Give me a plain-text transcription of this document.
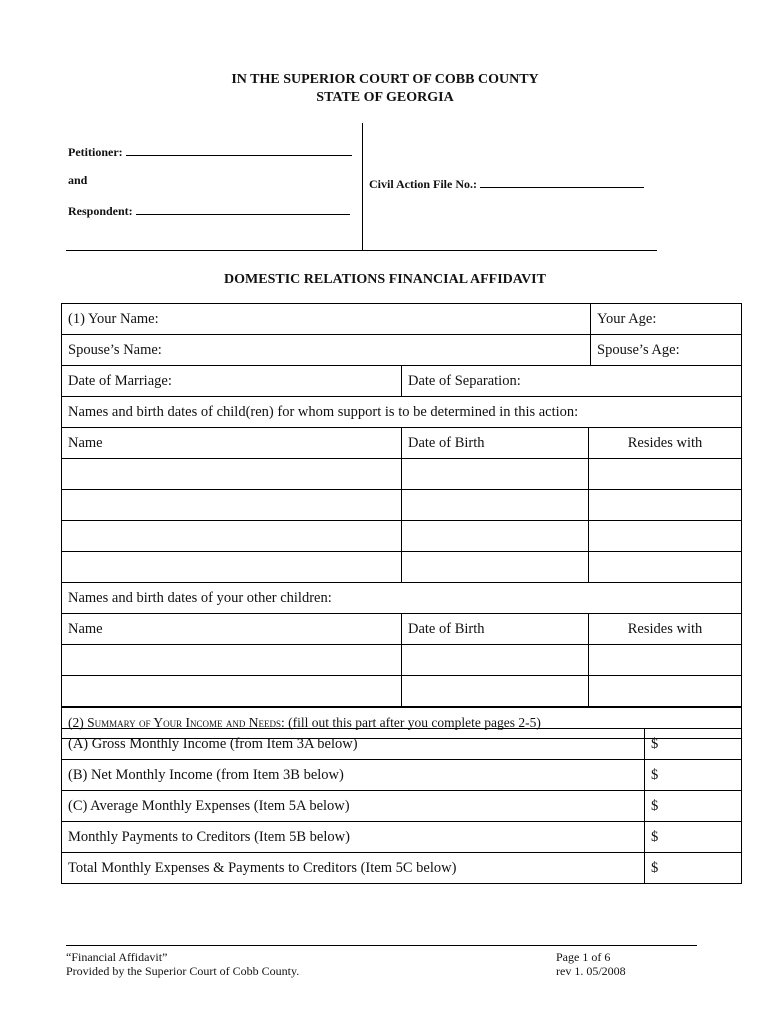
IN THE SUPERIOR COURT OF COBB COUNTY
STATE OF GEORGIA
Petitioner:
and
Respondent:
Civil Action File No.:
DOMESTIC RELATIONS FINANCIAL AFFIDAVIT
(1) Your Name:			Your Age:
Spouse’s Name:			Spouse’s Age:
Date of Marriage:	Date of Separation:		
Names and birth dates of child(ren) for whom support is to be determined in this action:			
Name	Date of Birth	Resides with	

Names and birth dates of your other children:			
Name	Date of Birth	Resides with	

(2) Summary of Your Income and Needs: (fill out this part after you complete pages 2-5)			
(A) Gross Monthly Income (from Item 3A below)	$
(B) Net Monthly Income (from Item 3B below)	$
(C) Average Monthly Expenses (Item 5A below)	$
Monthly Payments to Creditors (Item 5B below)	$
Total Monthly Expenses & Payments to Creditors (Item 5C below)	$
“Financial Affidavit”
Provided by the Superior Court of Cobb County.
Page 1 of 6
rev 1. 05/2008
